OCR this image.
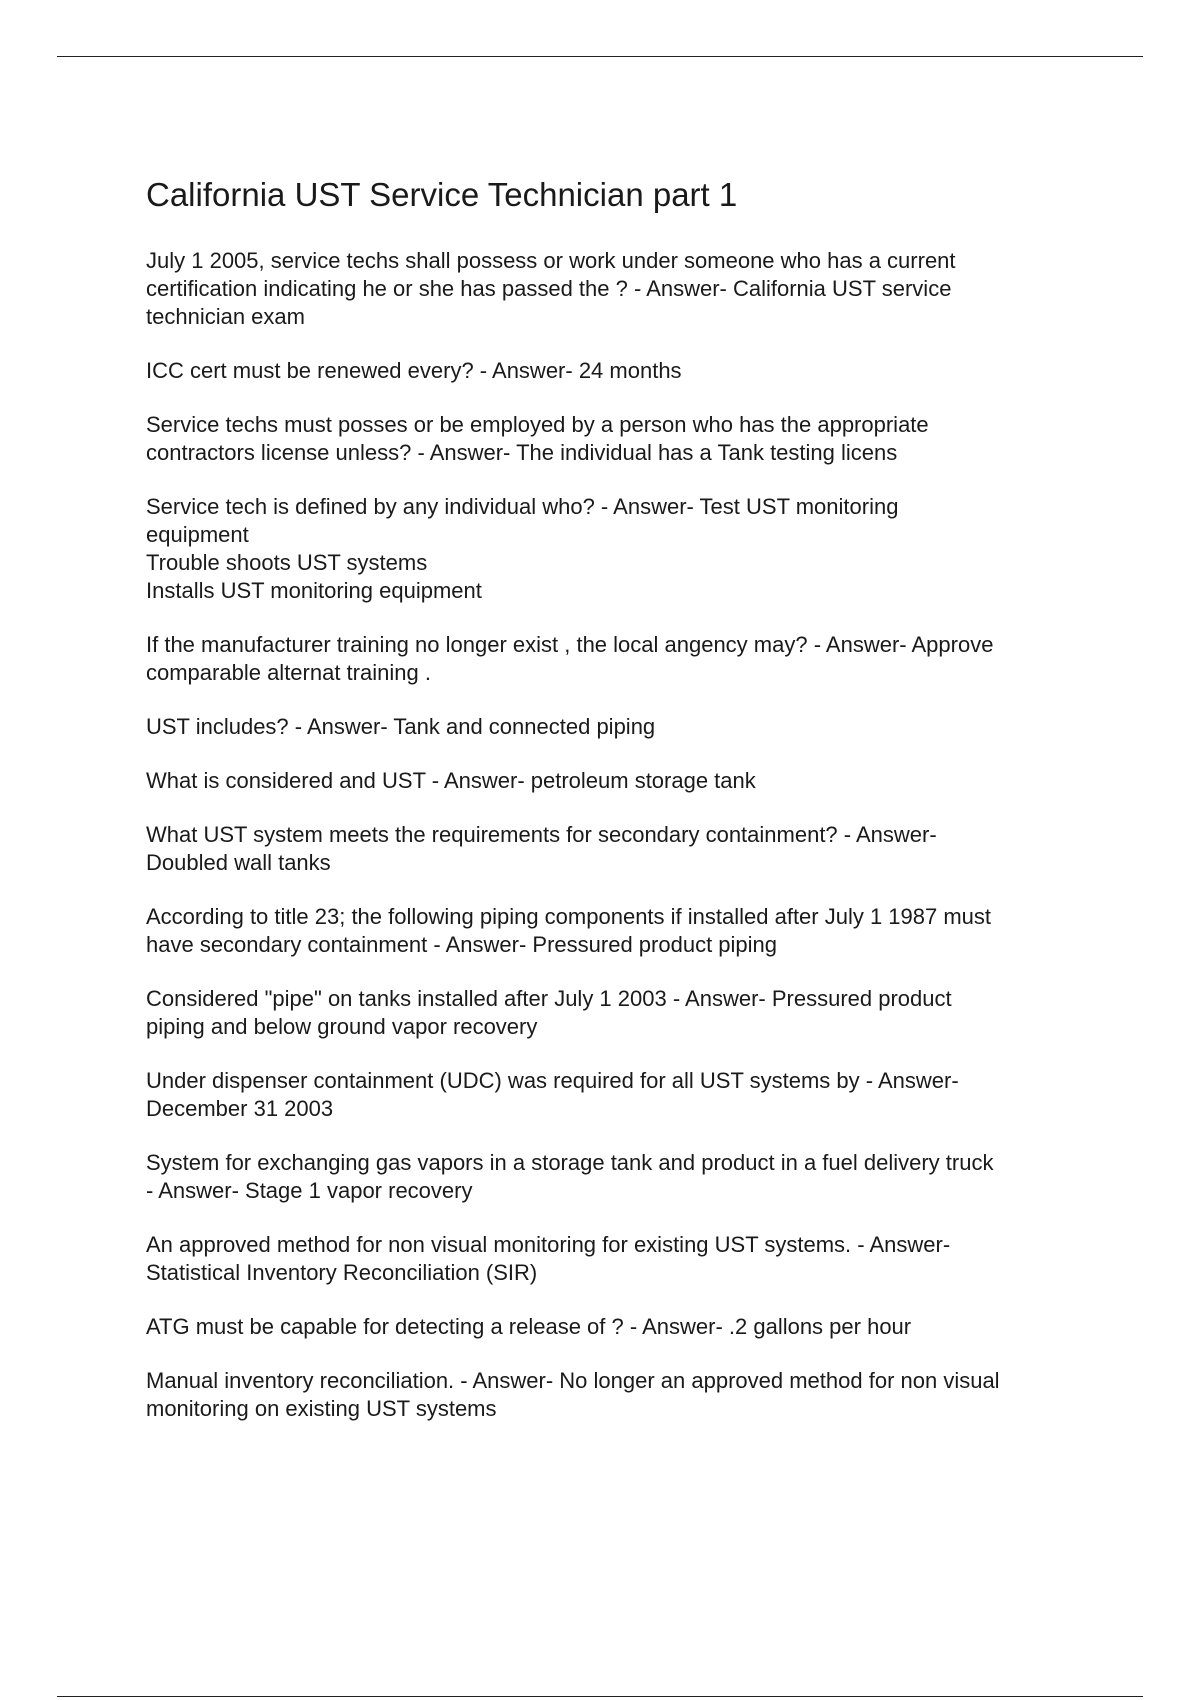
California UST Service Technician part 1
July 1 2005, service techs shall possess or work under someone who has a current
certification indicating he or she has passed the ? - Answer- California UST service
technician exam
ICC cert must be renewed every? - Answer- 24 months
Service techs must posses or be employed by a person who has the appropriate
contractors license unless? - Answer- The individual has a Tank testing licens
Service tech is defined by any individual who? - Answer- Test UST monitoring
equipment
Trouble shoots UST systems
Installs UST monitoring equipment
If the manufacturer training no longer exist , the local angency may? - Answer- Approve
comparable alternat training .
UST includes? - Answer- Tank and connected piping
What is considered and UST - Answer- petroleum storage tank
What UST system meets the requirements for secondary containment? - Answer-
Doubled wall tanks
According to title 23; the following piping components if installed after July 1 1987 must
have secondary containment - Answer- Pressured product piping
Considered "pipe" on tanks installed after July 1 2003 - Answer- Pressured product
piping and below ground vapor recovery
Under dispenser containment (UDC) was required for all UST systems by - Answer-
December 31 2003
System for exchanging gas vapors in a storage tank and product in a fuel delivery truck
- Answer- Stage 1 vapor recovery
An approved method for non visual monitoring for existing UST systems. - Answer-
Statistical Inventory Reconciliation (SIR)
ATG must be capable for detecting a release of ? - Answer- .2 gallons per hour
Manual inventory reconciliation. - Answer- No longer an approved method for non visual
monitoring on existing UST systems
